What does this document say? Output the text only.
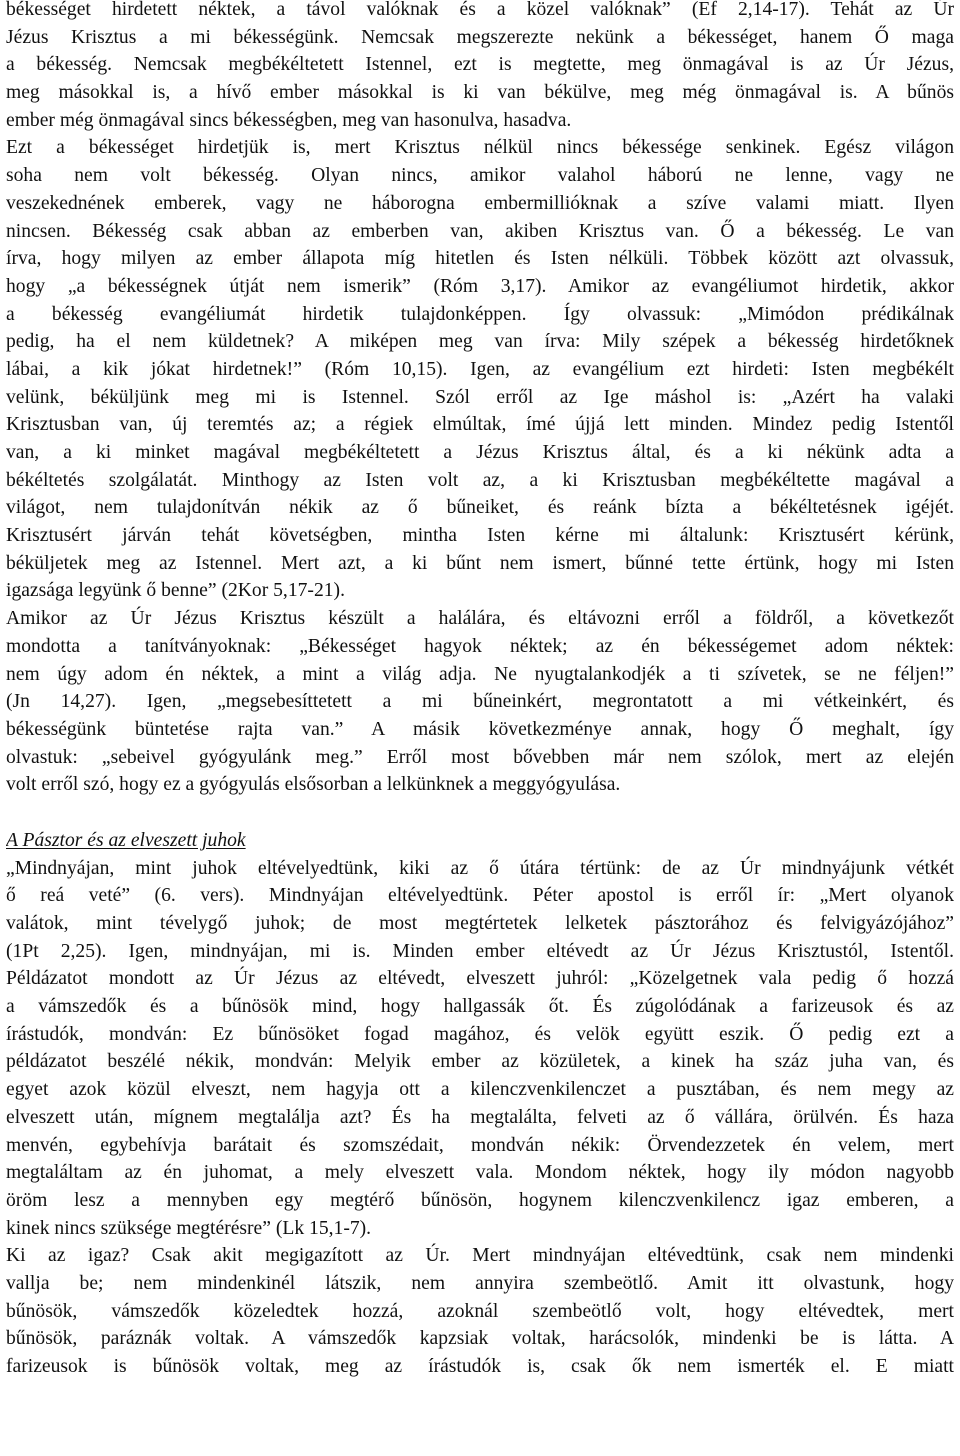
békességet hirdetett néktek, a távol valóknak és a közel valóknak” (Ef 2,14-17). Tehát az Úr
Jézus Krisztus a mi békességünk. Nemcsak megszerezte nekünk a békességet, hanem Ő maga
a békesség. Nemcsak megbékéltetett Istennel, ezt is megtette, meg önmagával is az Úr Jézus,
meg másokkal is, a hívő ember másokkal is ki van békülve, meg még önmagával is. A bűnös
ember még önmagával sincs békességben, meg van hasonulva, hasadva.
Ezt a békességet hirdetjük is, mert Krisztus nélkül nincs békessége senkinek. Egész világon
soha nem volt békesség. Olyan nincs, amikor valahol háború ne lenne, vagy ne
veszekednének emberek, vagy ne háborogna embermillióknak a szíve valami miatt. Ilyen
nincsen. Békesség csak abban az emberben van, akiben Krisztus van. Ő a békesség. Le van
írva, hogy milyen az ember állapota míg hitetlen és Isten nélküli. Többek között azt olvassuk,
hogy „a békességnek útját nem ismerik” (Róm 3,17). Amikor az evangéliumot hirdetik, akkor
a békesség evangéliumát hirdetik tulajdonképpen. Így olvassuk: „Mimódon prédikálnak
pedig, ha el nem küldetnek? A miképen meg van írva: Mily szépek a békesség hirdetőknek
lábai, a kik jókat hirdetnek!” (Róm 10,15). Igen, az evangélium ezt hirdeti: Isten megbékélt
velünk, béküljünk meg mi is Istennel. Szól erről az Ige máshol is: „Azért ha valaki
Krisztusban van, új teremtés az; a régiek elmúltak, ímé újjá lett minden. Mindez pedig Istentől
van, a ki minket magával megbékéltetett a Jézus Krisztus által, és a ki nékünk adta a
békéltetés szolgálatát. Minthogy az Isten volt az, a ki Krisztusban megbékéltette magával a
világot, nem tulajdonítván nékik az ő bűneiket, és reánk bízta a békéltetésnek igéjét.
Krisztusért járván tehát követségben, mintha Isten kérne mi általunk: Krisztusért kérünk,
béküljetek meg az Istennel. Mert azt, a ki bűnt nem ismert, bűnné tette értünk, hogy mi Isten
igazsága legyünk ő benne” (2Kor 5,17-21).
Amikor az Úr Jézus Krisztus készült a halálára, és eltávozni erről a földről, a következőt
mondotta a tanítványoknak: „Békességet hagyok néktek; az én békességemet adom néktek:
nem úgy adom én néktek, a mint a világ adja. Ne nyugtalankodjék a ti szívetek, se ne féljen!”
(Jn 14,27). Igen, „megsebesíttetett a mi bűneinkért, megrontatott a mi vétkeinkért, és
békességünk büntetése rajta van.” A másik következménye annak, hogy Ő meghalt, így
olvastuk: „sebeivel gyógyulánk meg.” Erről most bővebben már nem szólok, mert az elején
volt erről szó, hogy ez a gyógyulás elsősorban a lelkünknek a meggyógyulása.
A Pásztor és az elveszett juhok
„Mindnyájan, mint juhok eltévelyedtünk, kiki az ő útára tértünk: de az Úr mindnyájunk vétkét
ő reá veté” (6. vers). Mindnyájan eltévelyedtünk. Péter apostol is erről ír: „Mert olyanok
valátok, mint tévelygő juhok; de most megtértetek lelketek pásztorához és felvigyázójához”
(1Pt 2,25). Igen, mindnyájan, mi is. Minden ember eltévedt az Úr Jézus Krisztustól, Istentől.
Példázatot mondott az Úr Jézus az eltévedt, elveszett juhról: „Közelgetnek vala pedig ő hozzá
a vámszedők és a bűnösök mind, hogy hallgassák őt. És zúgolódának a farizeusok és az
írástudók, mondván: Ez bűnösöket fogad magához, és velök együtt eszik. Ő pedig ezt a
példázatot beszélé nékik, mondván: Melyik ember az közületek, a kinek ha száz juha van, és
egyet azok közül elveszt, nem hagyja ott a kilenczvenkilenczet a pusztában, és nem megy az
elveszett után, mígnem megtalálja azt? És ha megtalálta, felveti az ő vállára, örülvén. És haza
menvén, egybehívja barátait és szomszédait, mondván nékik: Örvendezzetek én velem, mert
megtaláltam az én juhomat, a mely elveszett vala. Mondom néktek, hogy ily módon nagyobb
öröm lesz a mennyben egy megtérő bűnösön, hogynem kilenczvenkilencz igaz emberen, a
kinek nincs szüksége megtérésre” (Lk 15,1-7).
Ki az igaz? Csak akit megigazított az Úr. Mert mindnyájan eltévedtünk, csak nem mindenki
vallja be; nem mindenkinél látszik, nem annyira szembeötlő. Amit itt olvastunk, hogy
bűnösök, vámszedők közeledtek hozzá, azoknál szembeötlő volt, hogy eltévedtek, mert
bűnösök, paráznák voltak. A vámszedők kapzsiak voltak, harácsolók, mindenki be is látta. A
farizeusok is bűnösök voltak, meg az írástudók is, csak ők nem ismerték el. E miatt
